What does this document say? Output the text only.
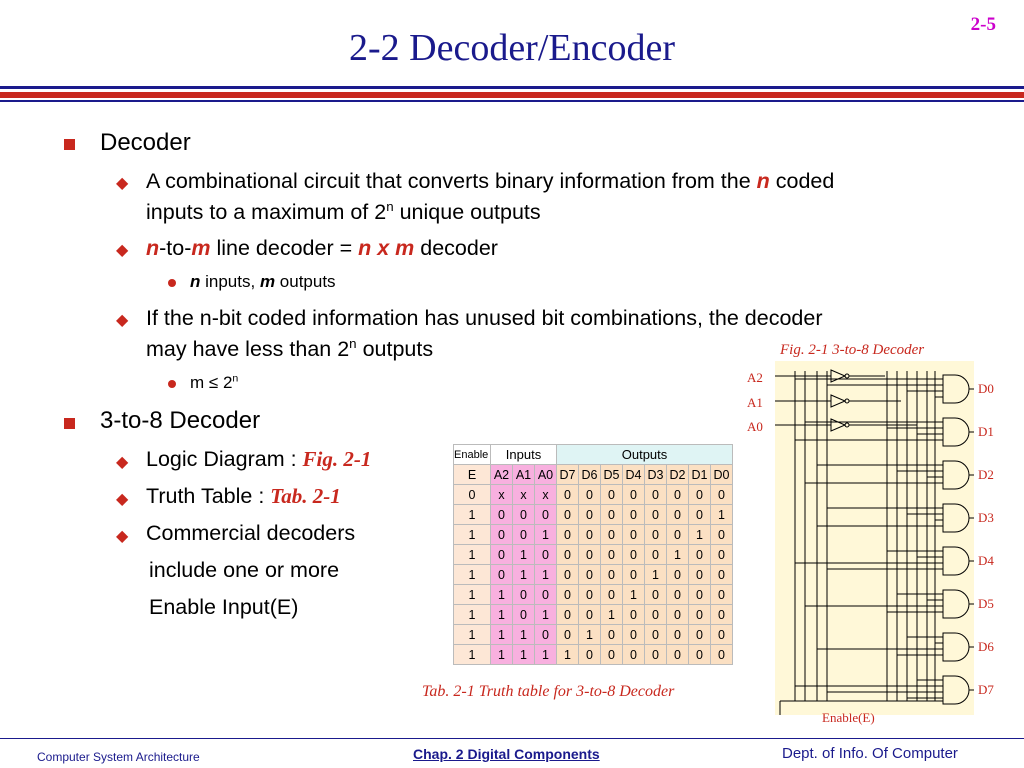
2-2 Decoder/Encoder
2-5
Decoder
◆ A combinational circuit that converts binary information from the n coded
inputs to a maximum of 2$^n$ unique outputs
◆ n-to-m line decoder = n x m decoder
n inputs, m outputs
◆ If the n-bit coded information has unused bit combinations, the decoder
may have less than 2$^n$ outputs
$m \le 2^n$
3-to-8 Decoder
◆ Logic Diagram : Fig. 2-1
◆ Truth Table : Tab. 2-1
◆ Commercial decoders
include one or more
Enable Input(E)
Enable	Inputs			Outputs							
E	A2	A1	A0	D7	D6	D5	D4	D3	D2	D1	D0
0	x	x	x	0	0	0	0	0	0	0	0
1	0	0	0	0	0	0	0	0	0	0	1
1	0	0	1	0	0	0	0	0	0	1	0
1	0	1	0	0	0	0	0	0	1	0	0
1	0	1	1	0	0	0	0	1	0	0	0
1	1	0	0	0	0	0	1	0	0	0	0
1	1	0	1	0	0	1	0	0	0	0	0
1	1	1	0	0	1	0	0	0	0	0	0
1	1	1	1	1	0	0	0	0	0	0	0
Tab. 2-1 Truth table for 3-to-8 Decoder
Fig. 2-1 3-to-8 Decoder
A2
A1
A0
D0
D1
D2
D3
D4
D5
D6
D7
Enable(E)
Computer System Architecture	Chap. 2 Digital Components	Dept. of Info. Of Computer
